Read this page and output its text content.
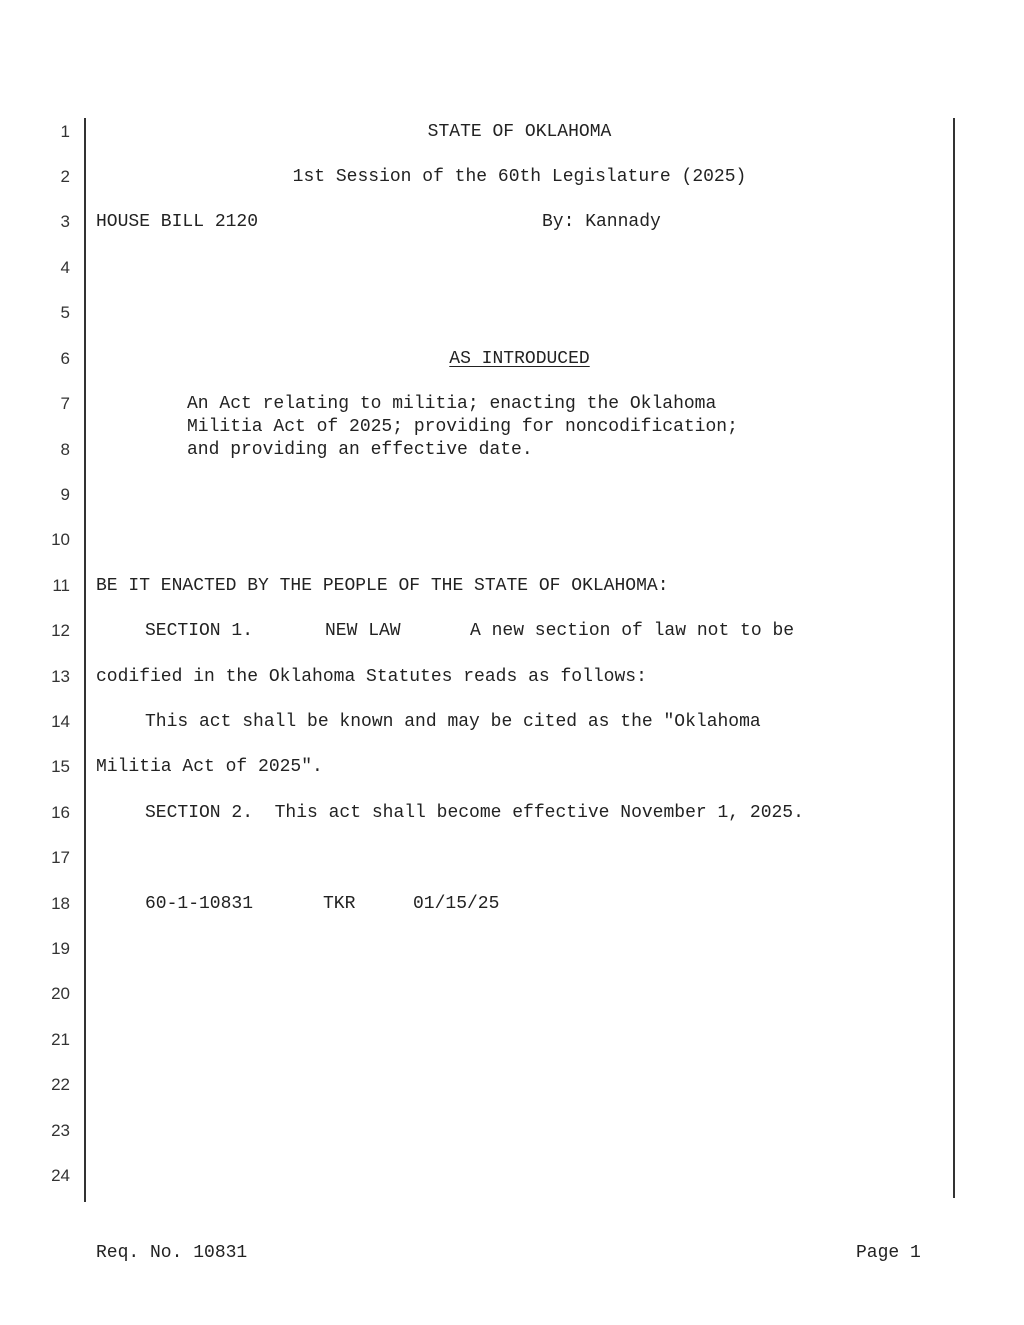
1
2
3
4
5
6
7
8
9
10
11
12
13
14
15
16
17
18
19
20
21
22
23
24
STATE OF OKLAHOMA
1st Session of the 60th Legislature (2025)
HOUSE BILL 2120	By: Kannady
AS INTRODUCED
An Act relating to militia; enacting the Oklahoma
Militia Act of 2025; providing for noncodification;
and providing an effective date.
BE IT ENACTED BY THE PEOPLE OF THE STATE OF OKLAHOMA:
SECTION 1.	NEW LAW	A new section of law not to be
codified in the Oklahoma Statutes reads as follows:
This act shall be known and may be cited as the "Oklahoma
Militia Act of 2025".
SECTION 2.  This act shall become effective November 1, 2025.
60-1-10831	TKR	01/15/25
Req. No. 10831	Page 1
